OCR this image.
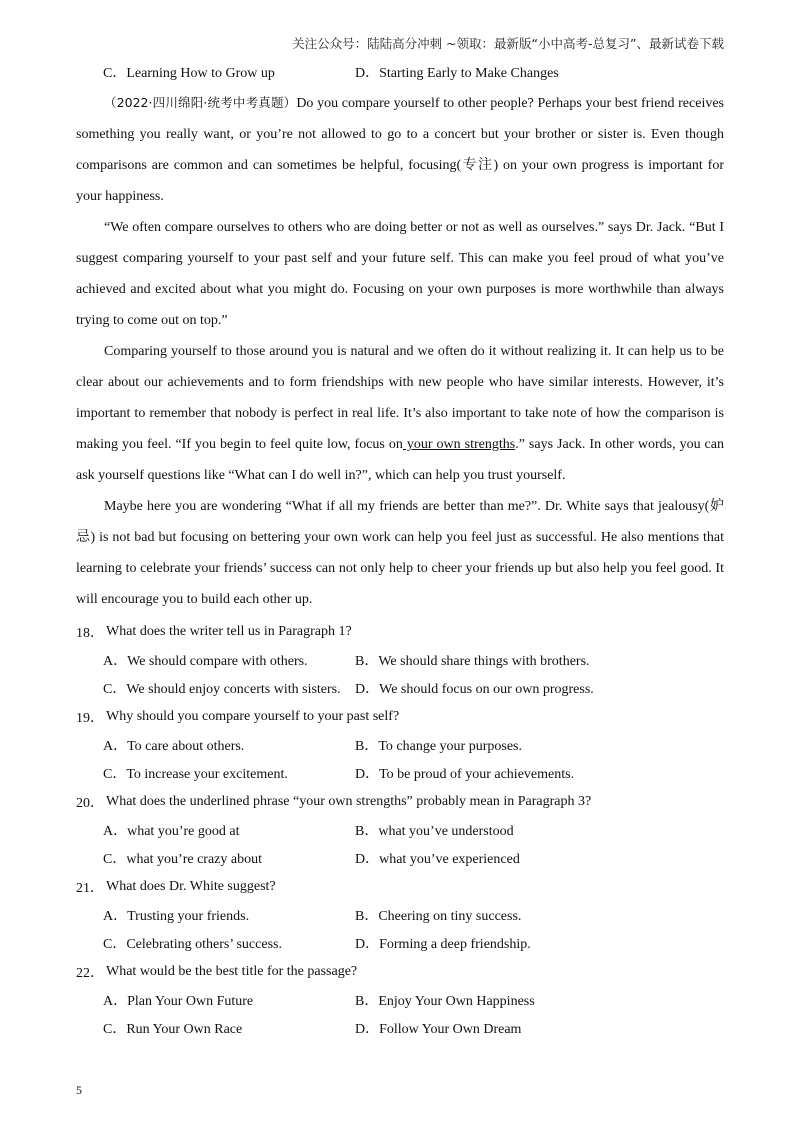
关注公众号：陆陆高分冲刺 ~领取：最新版“小中高考-总复习”、最新试卷下载
C．Learning How to Grow up	D．Starting Early to Make Changes

（2022·四川绵阳·统考中考真题）Do you compare yourself to other people? Perhaps your best friend receives something you really want, or you’re not allowed to go to a concert but your brother or sister is. Even though comparisons are common and can sometimes be helpful, focusing(专注) on your own progress is important for your happiness.

“We often compare ourselves to others who are doing better or not as well as ourselves.” says Dr. Jack. “But I suggest comparing yourself to your past self and your future self. This can make you feel proud of what you’ve achieved and excited about what you might do. Focusing on your own purposes is more worthwhile than always trying to come out on top.”

Comparing yourself to those around you is natural and we often do it without realizing it. It can help us to be clear about our achievements and to form friendships with new people who have similar interests. However, it’s important to remember that nobody is perfect in real life. It’s also important to take note of how the comparison is making you feel. “If you begin to feel quite low, focus on your own strengths.” says Jack. In other words, you can ask yourself questions like “What can I do well in?”, which can help you trust yourself.

Maybe here you are wondering “What if all my friends are better than me?”. Dr. White says that jealousy(妒忌) is not bad but focusing on bettering your own work can help you feel just as successful. He also mentions that learning to celebrate your friends’ success can not only help to cheer your friends up but also help you feel good. It will encourage you to build each other up.

18． What does the writer tell us in Paragraph 1?
A．We should compare with others.	B．We should share things with brothers.
C．We should enjoy concerts with sisters.	D．We should focus on our own progress.
19． Why should you compare yourself to your past self?
A．To care about others.	B．To change your purposes.
C．To increase your excitement.	D．To be proud of your achievements.
20． What does the underlined phrase “your own strengths” probably mean in Paragraph 3?
A．what you’re good at	B．what you’ve understood
C．what you’re crazy about	D．what you’ve experienced
21． What does Dr. White suggest?
A．Trusting your friends.	B．Cheering on tiny success.
C．Celebrating others’ success.	D．Forming a deep friendship.
22． What would be the best title for the passage?
A．Plan Your Own Future	B．Enjoy Your Own Happiness
C．Run Your Own Race	D．Follow Your Own Dream
5
